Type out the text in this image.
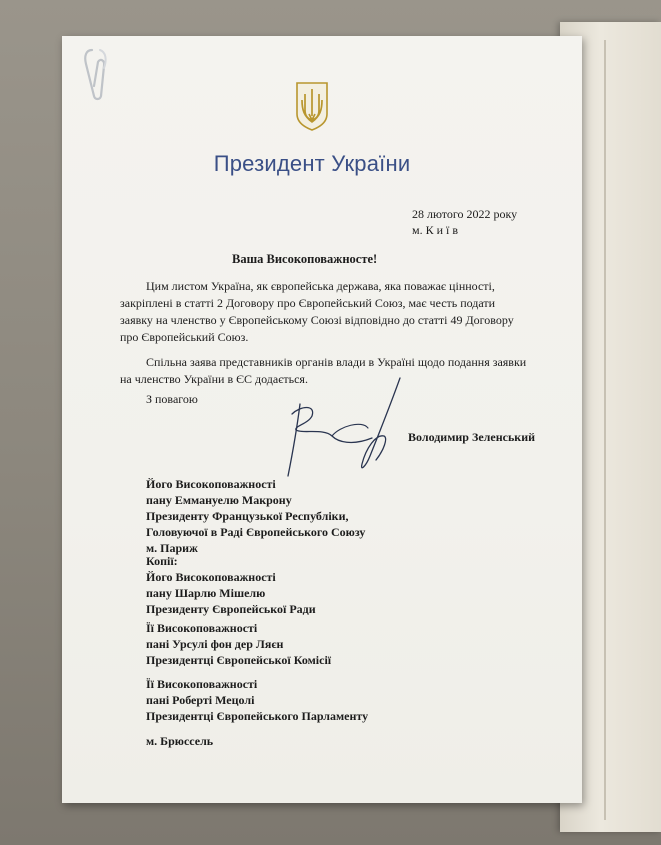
Президент України
28 лютого 2022 року
м. К и ї в
Ваша Високоповажносте!
Цим листом Україна, як європейська держава, яка поважає цінності,
закріплені в статті 2 Договору про Європейський Союз, має честь подати
заявку на членство у Європейському Союзі відповідно до статті 49 Договору
про Європейський Союз.
Спільна заява представників органів влади в Україні щодо подання заявки
на членство України в ЄС додається.
З повагою
Володимир Зеленський
Його Високоповажності
пану Еммануелю Макрону
Президенту Французької Республіки,
Головуючої в Раді Європейського Союзу
м. Париж
Копії:
Його Високоповажності
пану Шарлю Мішелю
Президенту Європейської Ради
Її Високоповажності
пані Урсулі фон дер Ляєн
Президентці Європейської Комісії
Її Високоповажності
пані Роберті Мецолі
Президентці Європейського Парламенту
м. Брюссель
